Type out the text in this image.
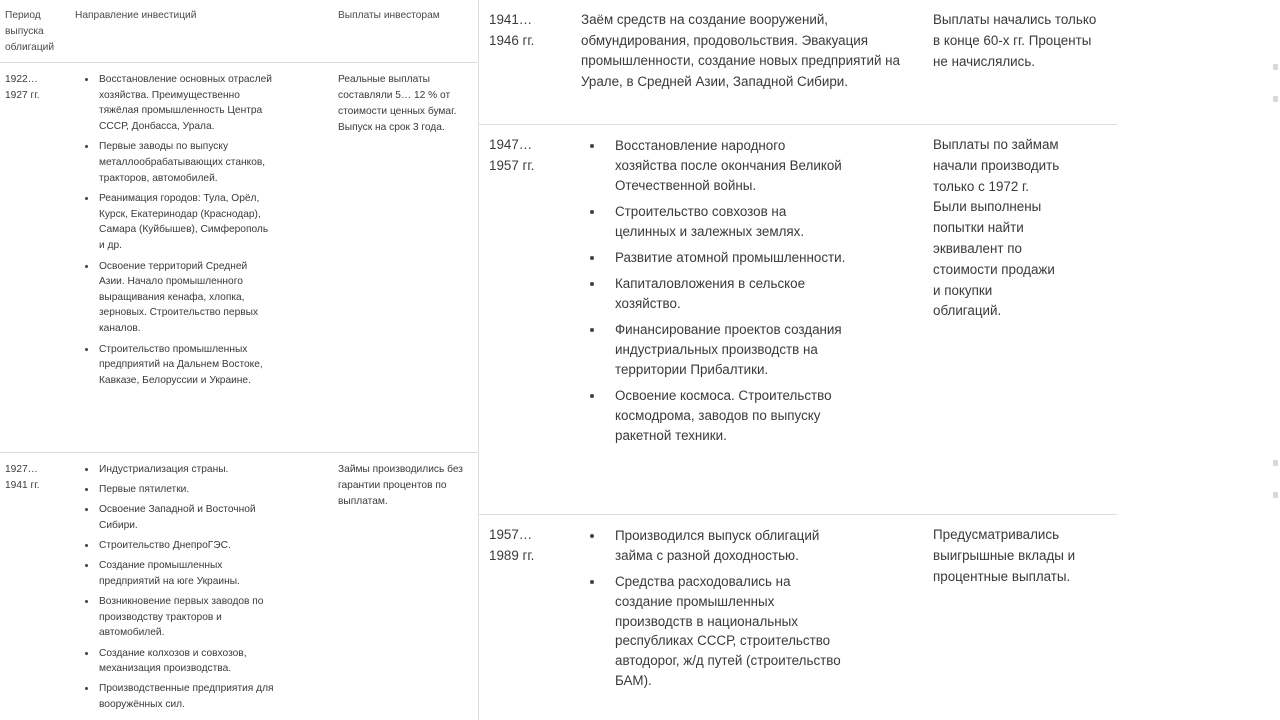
Период выпуска облигаций
Направление инвестиций	Выплаты инвесторам
1922… 1927 гг.
Восстановление основных отраслей хозяйства. Преимущественно тяжёлая промышленность Центра СССР, Донбасса, Урала.
Первые заводы по выпуску металлообрабатывающих станков, тракторов, автомобилей.
Реанимация городов: Тула, Орёл, Курск, Екатеринодар (Краснодар), Самара (Куйбышев), Симферополь и др.
Освоение территорий Средней Азии. Начало промышленного выращивания кенафа, хлопка, зерновых. Строительство первых каналов.
Строительство промышленных предприятий на Дальнем Востоке, Кавказе, Белоруссии и Украине.
Реальные выплаты составляли 5… 12 % от стоимости ценных бумаг. Выпуск на срок 3 года.
1927… 1941 гг.
Индустриализация страны.
Первые пятилетки.
Освоение Западной и Восточной Сибири.
Строительство ДнепроГЭС.
Создание промышленных предприятий на юге Украины.
Возникновение первых заводов по производству тракторов и автомобилей.
Создание колхозов и совхозов, механизация производства.
Производственные предприятия для вооружённых сил.
Займы производились без гарантии процентов по выплатам.
1941… 1946 гг.
Заём средств на создание вооружений, обмундирования, продовольствия. Эвакуация промышленности, создание новых предприятий на Урале, в Средней Азии, Западной Сибири.
Выплаты начались только в конце 60-х гг. Проценты не начислялись.
1947… 1957 гг.
Восстановление народного хозяйства после окончания Великой Отечественной войны.
Строительство совхозов на целинных и залежных землях.
Развитие атомной промышленности.
Капиталовложения в сельское хозяйство.
Финансирование проектов создания индустриальных производств на территории Прибалтики.
Освоение космоса. Строительство космодрома, заводов по выпуску ракетной техники.
Выплаты по займам начали производить только с 1972 г. Были выполнены попытки найти эквивалент по стоимости продажи и покупки облигаций.
1957… 1989 гг.
Производился выпуск облигаций займа с разной доходностью.
Средства расходовались на создание промышленных производств в национальных республиках СССР, строительство автодорог, ж/д путей (строительство БАМ).
Предусматривались выигрышные вклады и процентные выплаты.
